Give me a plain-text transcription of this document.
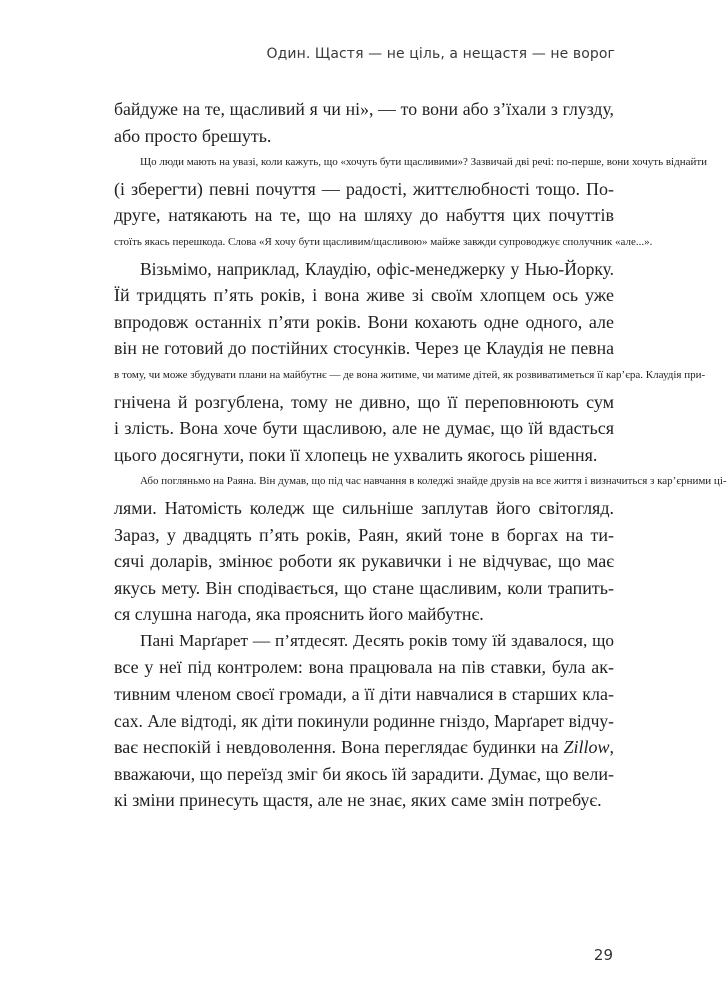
Один. Щастя — не ціль, а нещастя — не ворог
байдуже на те, щасливий я чи ні», — то вони або з’їхали з глузду,
або просто брешуть.
Що люди мають на увазі, коли кажуть, що «хочуть бути щасливими»? Зазвичай дві речі: по-перше, вони хочуть віднайти
(і зберегти) певні почуття — радості, життєлюбності тощо. По-
друге, натякають на те, що на шляху до набуття цих почуттів
стоїть якась перешкода. Слова «Я хочу бути щасливим/щасливою» майже завжди супроводжує сполучник «але...».
Візьмімо, наприклад, Клаудію, офіс-менеджерку у Нью-Йорку.
Їй тридцять п’ять років, і вона живе зі своїм хлопцем ось уже
впродовж останніх п’яти років. Вони кохають одне одного, але
він не готовий до постійних стосунків. Через це Клаудія не певна
в тому, чи може збудувати плани на майбутнє — де вона житиме, чи матиме дітей, як розвиватиметься її кар’єра. Клаудія при-
гнічена й розгублена, тому не дивно, що її переповнюють сум
і злість. Вона хоче бути щасливою, але не думає, що їй вдасться
цього досягнути, поки її хлопець не ухвалить якогось рішення.
Або погляньмо на Раяна. Він думав, що під час навчання в коледжі знайде друзів на все життя і визначиться з кар’єрними ці-
лями. Натомість коледж ще сильніше заплутав його світогляд.
Зараз, у двадцять п’ять років, Раян, який тоне в боргах на ти-
сячі доларів, змінює роботи як рукавички і не відчуває, що має
якусь мету. Він сподівається, що стане щасливим, коли трапить-
ся слушна нагода, яка прояснить його майбутнє.
Пані Марґарет — п’ятдесят. Десять років тому їй здавалося, що
все у неї під контролем: вона працювала на пів ставки, була ак-
тивним членом своєї громади, а її діти навчалися в старших кла-
сах. Але відтоді, як діти покинули родинне гніздо, Марґарет відчу-
ває неспокій і невдоволення. Вона переглядає будинки на Zillow,
вважаючи, що переїзд зміг би якось їй зарадити. Думає, що вели-
кі зміни принесуть щастя, але не знає, яких саме змін потребує.
29
